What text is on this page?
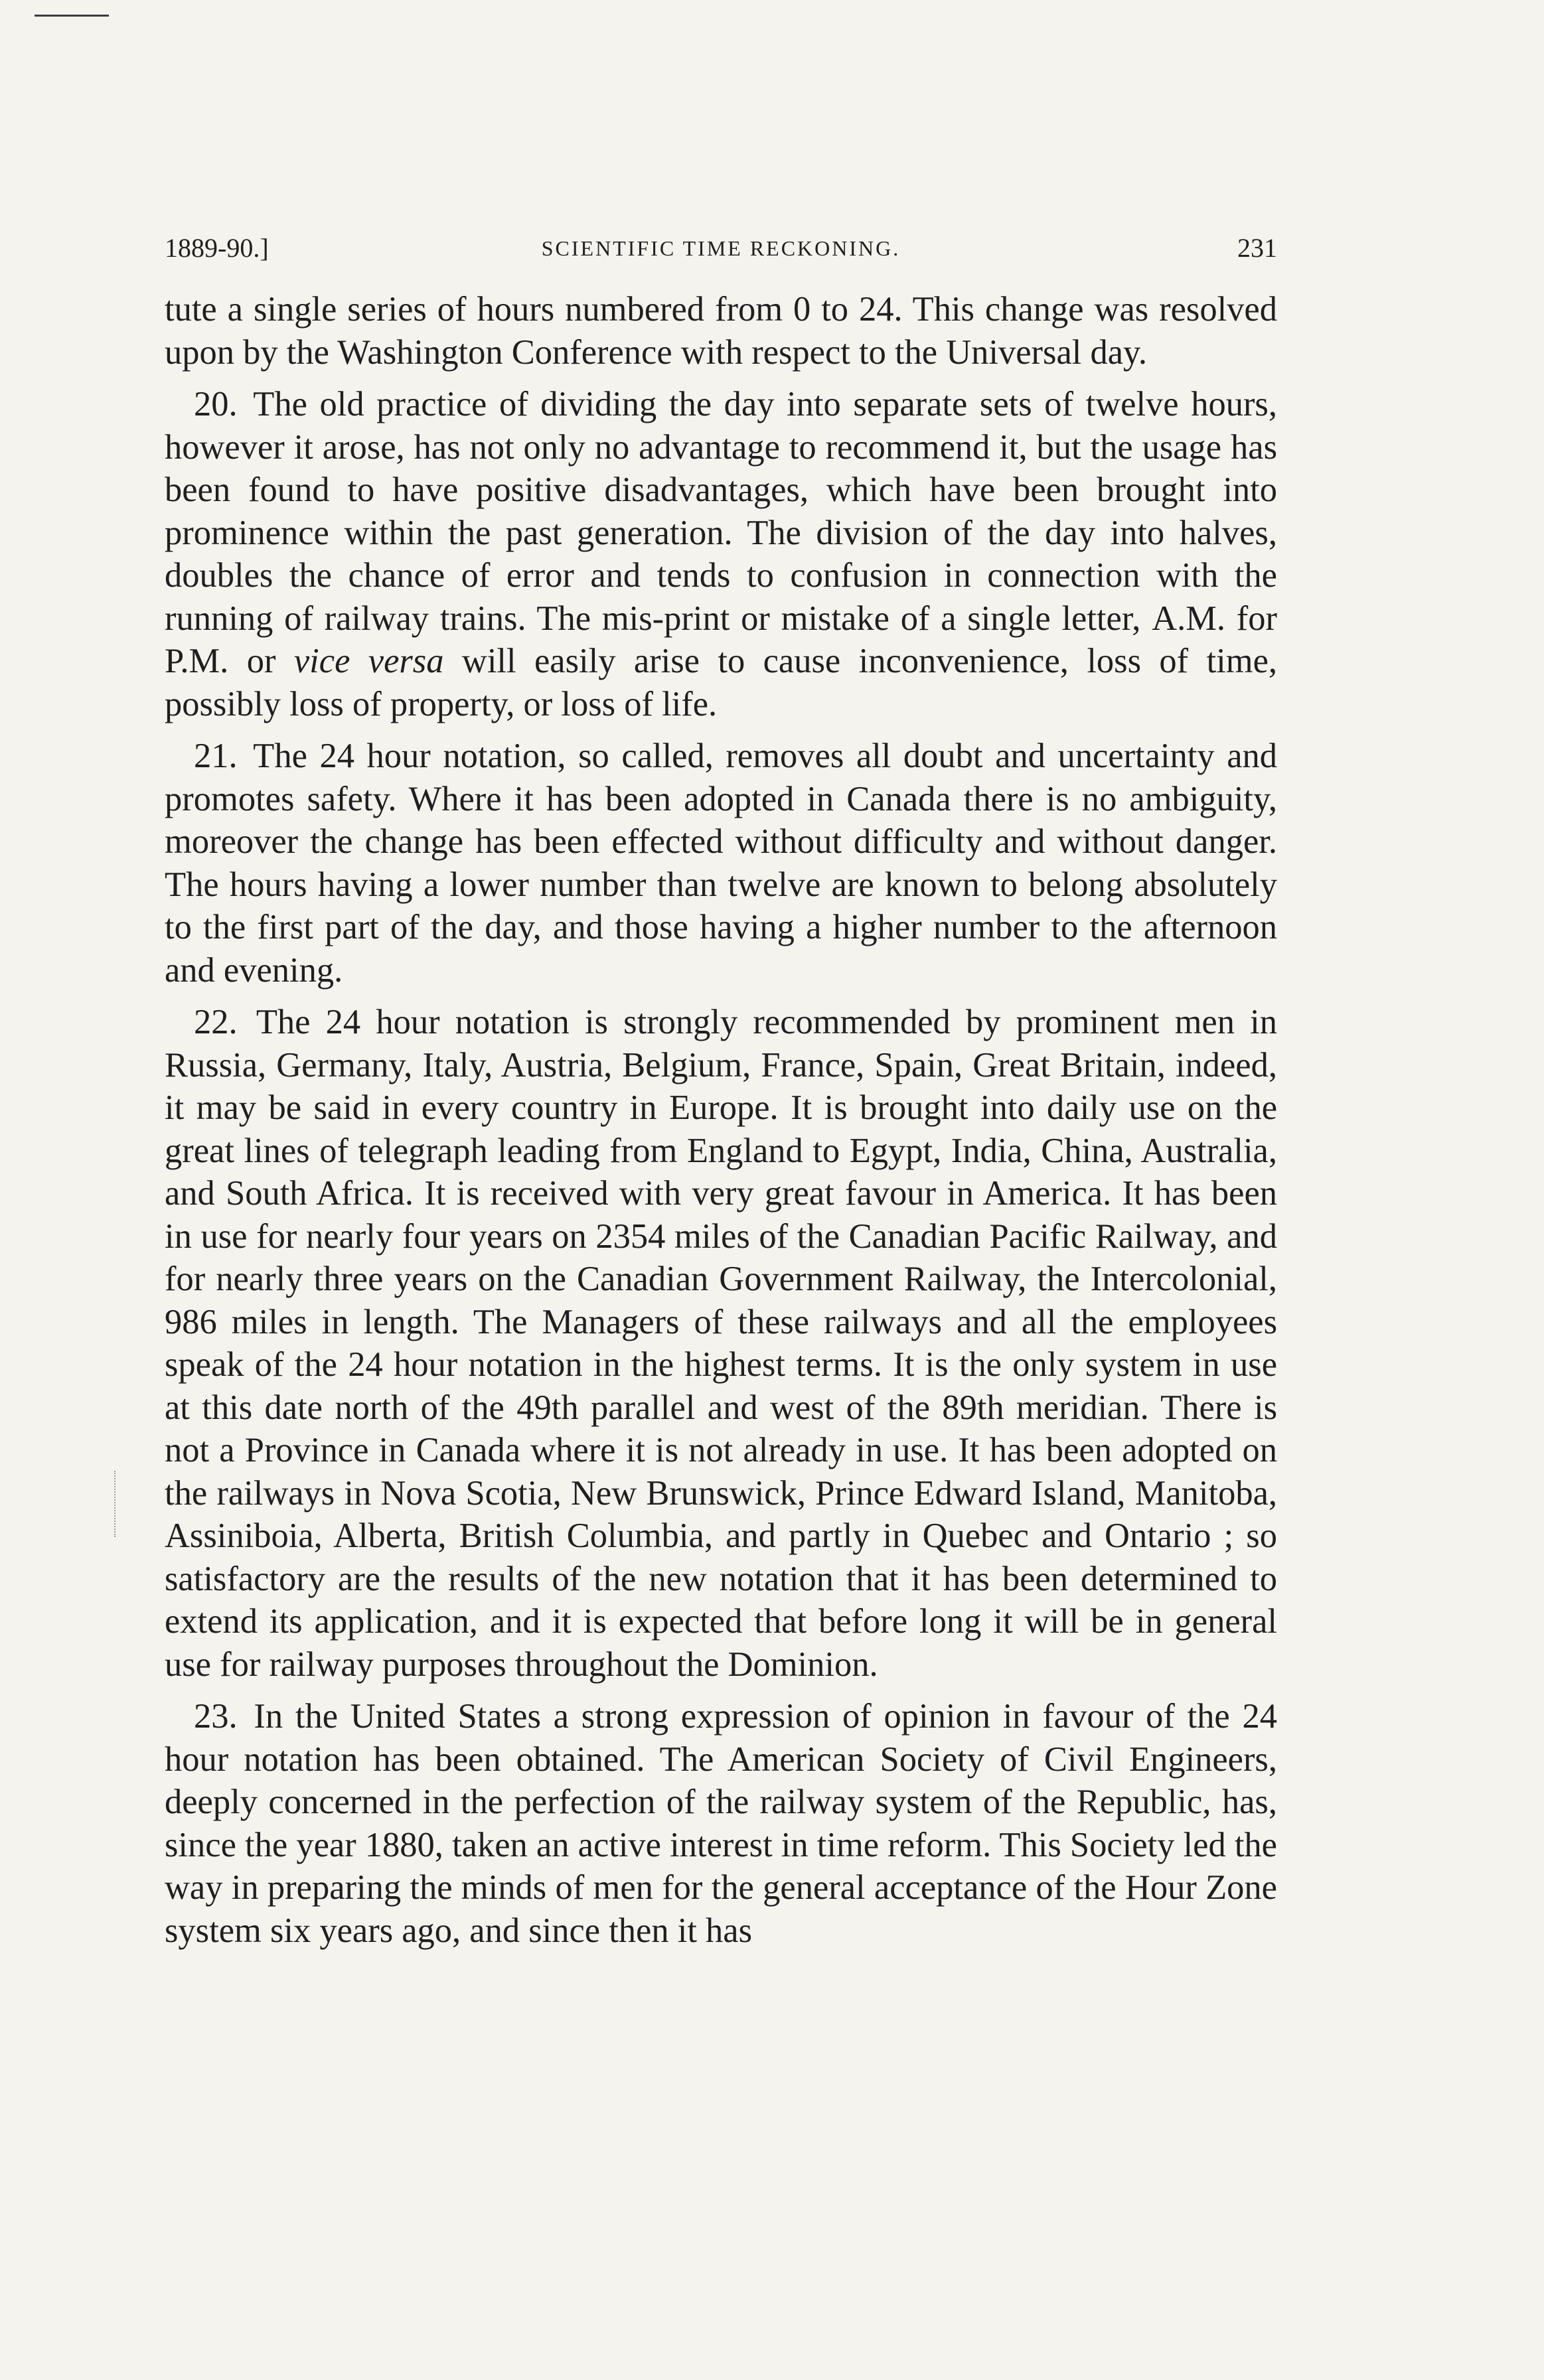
1889-90.]	SCIENTIFIC TIME RECKONING.	231

tute a single series of hours numbered from 0 to 24. This change was resolved upon by the Washington Conference with respect to the Universal day.

20. The old practice of dividing the day into separate sets of twelve hours, however it arose, has not only no advantage to recommend it, but the usage has been found to have positive disadvantages, which have been brought into prominence within the past generation. The division of the day into halves, doubles the chance of error and tends to confusion in connection with the running of railway trains. The mis-print or mistake of a single letter, A.M. for P.M. or vice versa will easily arise to cause inconvenience, loss of time, possibly loss of property, or loss of life.

21. The 24 hour notation, so called, removes all doubt and uncertainty and promotes safety. Where it has been adopted in Canada there is no ambiguity, moreover the change has been effected without difficulty and without danger. The hours having a lower number than twelve are known to belong absolutely to the first part of the day, and those having a higher number to the afternoon and evening.

22. The 24 hour notation is strongly recommended by prominent men in Russia, Germany, Italy, Austria, Belgium, France, Spain, Great Britain, indeed, it may be said in every country in Europe. It is brought into daily use on the great lines of telegraph leading from England to Egypt, India, China, Australia, and South Africa. It is received with very great favour in America. It has been in use for nearly four years on 2354 miles of the Canadian Pacific Railway, and for nearly three years on the Canadian Government Railway, the Intercolonial, 986 miles in length. The Managers of these railways and all the employees speak of the 24 hour notation in the highest terms. It is the only system in use at this date north of the 49th parallel and west of the 89th meridian. There is not a Province in Canada where it is not already in use. It has been adopted on the railways in Nova Scotia, New Brunswick, Prince Edward Island, Manitoba, Assiniboia, Alberta, British Columbia, and partly in Quebec and Ontario ; so satisfactory are the results of the new notation that it has been determined to extend its application, and it is expected that before long it will be in general use for railway purposes throughout the Dominion.

23. In the United States a strong expression of opinion in favour of the 24 hour notation has been obtained. The American Society of Civil Engineers, deeply concerned in the perfection of the railway system of the Republic, has, since the year 1880, taken an active interest in time reform. This Society led the way in preparing the minds of men for the general acceptance of the Hour Zone system six years ago, and since then it has
